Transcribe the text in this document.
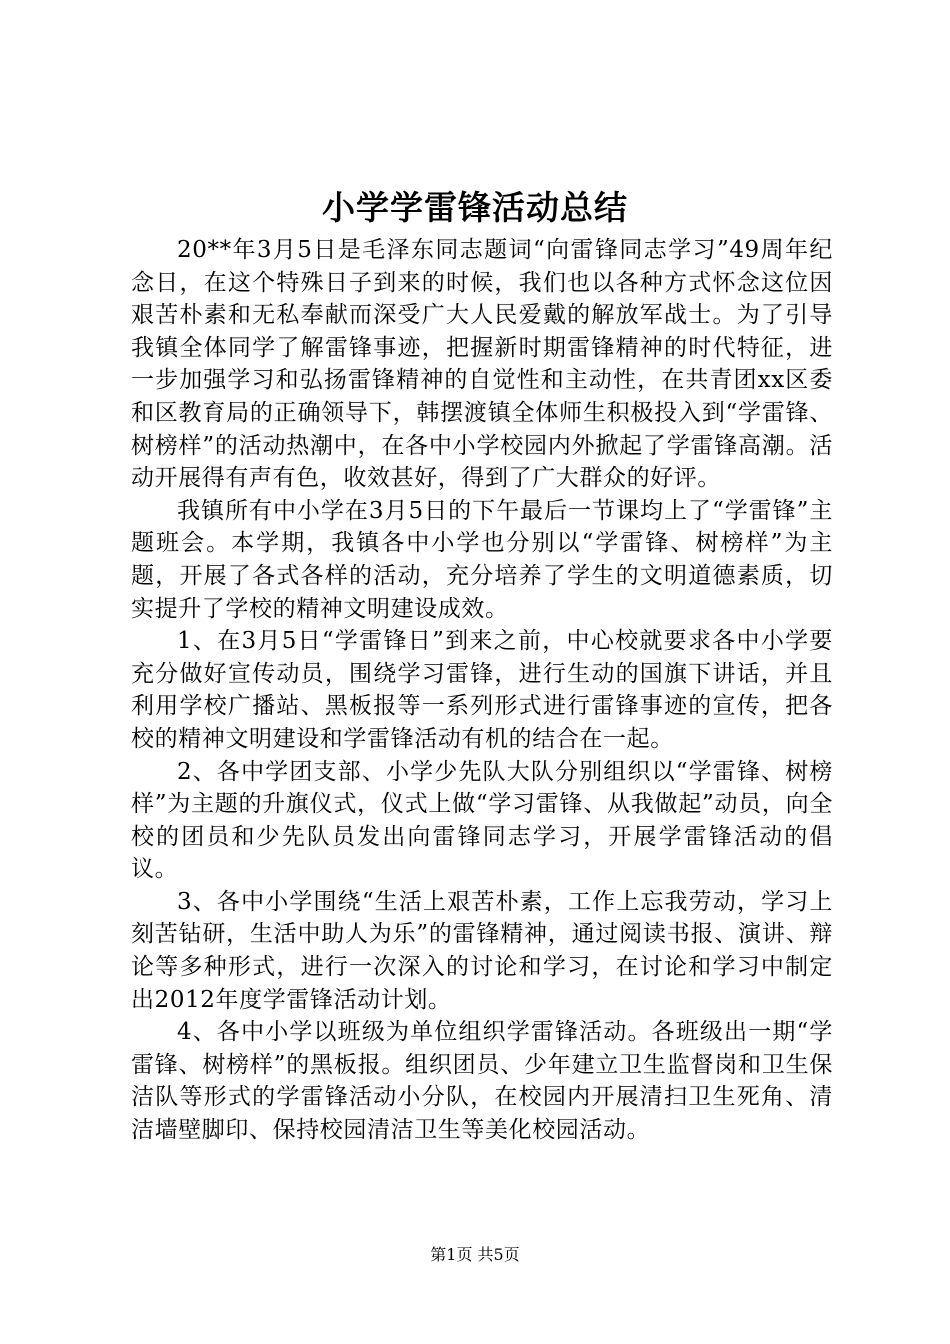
小学学雷锋活动总结

20**年3月5日是毛泽东同志题词“向雷锋同志学习”49周年纪念日，在这个特殊日子到来的时候，我们也以各种方式怀念这位因艰苦朴素和无私奉献而深受广大人民爱戴的解放军战士。为了引导我镇全体同学了解雷锋事迹，把握新时期雷锋精神的时代特征，进一步加强学习和弘扬雷锋精神的自觉性和主动性，在共青团xx区委和区教育局的正确领导下，韩摆渡镇全体师生积极投入到“学雷锋、树榜样”的活动热潮中，在各中小学校园内外掀起了学雷锋高潮。活动开展得有声有色，收效甚好，得到了广大群众的好评。

我镇所有中小学在3月5日的下午最后一节课均上了“学雷锋”主题班会。本学期，我镇各中小学也分别以“学雷锋、树榜样”为主题，开展了各式各样的活动，充分培养了学生的文明道德素质，切实提升了学校的精神文明建设成效。

1、在3月5日“学雷锋日”到来之前，中心校就要求各中小学要充分做好宣传动员，围绕学习雷锋，进行生动的国旗下讲话，并且利用学校广播站、黑板报等一系列形式进行雷锋事迹的宣传，把各校的精神文明建设和学雷锋活动有机的结合在一起。

2、各中学团支部、小学少先队大队分别组织以“学雷锋、树榜样”为主题的升旗仪式，仪式上做“学习雷锋、从我做起”动员，向全校的团员和少先队员发出向雷锋同志学习，开展学雷锋活动的倡议。

3、各中小学围绕“生活上艰苦朴素，工作上忘我劳动，学习上刻苦钻研，生活中助人为乐”的雷锋精神，通过阅读书报、演讲、辩论等多种形式，进行一次深入的讨论和学习，在讨论和学习中制定出2012年度学雷锋活动计划。

4、各中小学以班级为单位组织学雷锋活动。各班级出一期“学雷锋、树榜样”的黑板报。组织团员、少年建立卫生监督岗和卫生保洁队等形式的学雷锋活动小分队，在校园内开展清扫卫生死角、清洁墙壁脚印、保持校园清洁卫生等美化校园活动。

第1页 共5页
